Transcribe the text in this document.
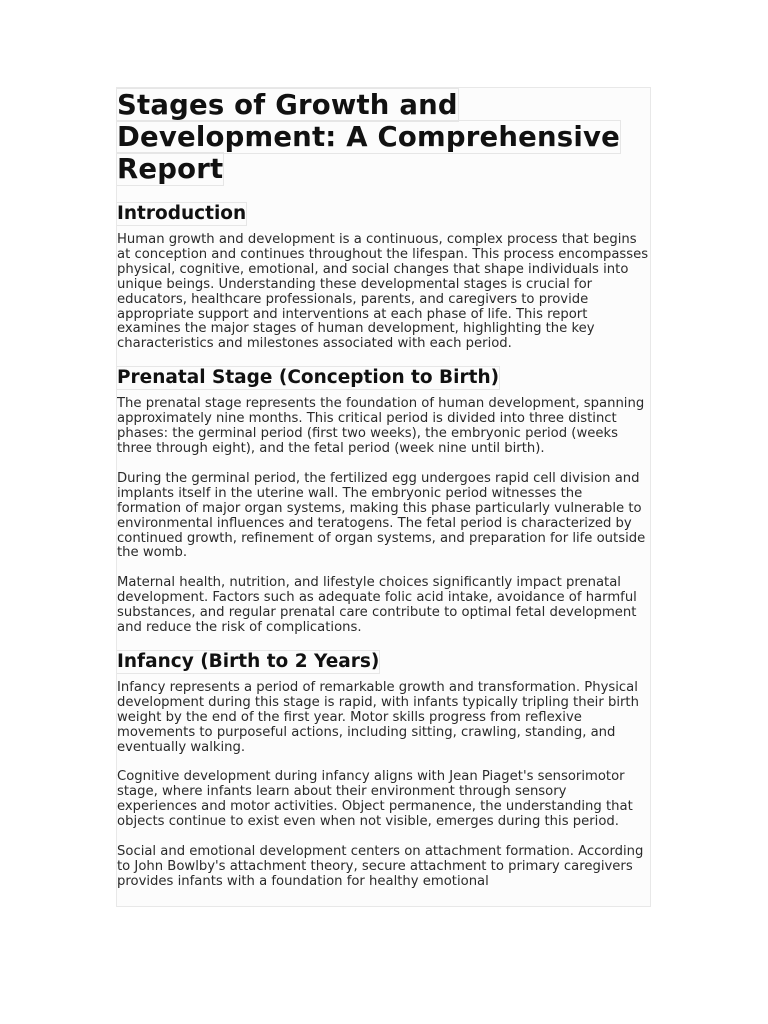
Stages of Growth and
Development: A Comprehensive
Report
Introduction

Human growth and development is a continuous, complex process that begins at conception and continues throughout the lifespan. This process encompasses physical, cognitive, emotional, and social changes that shape individuals into unique beings. Understanding these developmental stages is crucial for educators, healthcare professionals, parents, and caregivers to provide appropriate support and interventions at each phase of life. This report examines the major stages of human development, highlighting the key characteristics and milestones associated with each period.

Prenatal Stage (Conception to Birth)

The prenatal stage represents the foundation of human development, spanning approximately nine months. This critical period is divided into three distinct phases: the germinal period (first two weeks), the embryonic period (weeks three through eight), and the fetal period (week nine until birth).

During the germinal period, the fertilized egg undergoes rapid cell division and implants itself in the uterine wall. The embryonic period witnesses the formation of major organ systems, making this phase particularly vulnerable to environmental influences and teratogens. The fetal period is characterized by continued growth, refinement of organ systems, and preparation for life outside the womb.

Maternal health, nutrition, and lifestyle choices significantly impact prenatal development. Factors such as adequate folic acid intake, avoidance of harmful substances, and regular prenatal care contribute to optimal fetal development and reduce the risk of complications.

Infancy (Birth to 2 Years)

Infancy represents a period of remarkable growth and transformation. Physical development during this stage is rapid, with infants typically tripling their birth weight by the end of the first year. Motor skills progress from reflexive movements to purposeful actions, including sitting, crawling, standing, and eventually walking.

Cognitive development during infancy aligns with Jean Piaget's sensorimotor stage, where infants learn about their environment through sensory experiences and motor activities. Object permanence, the understanding that objects continue to exist even when not visible, emerges during this period.

Social and emotional development centers on attachment formation. According to John Bowlby's attachment theory, secure attachment to primary caregivers provides infants with a foundation for healthy emotional
